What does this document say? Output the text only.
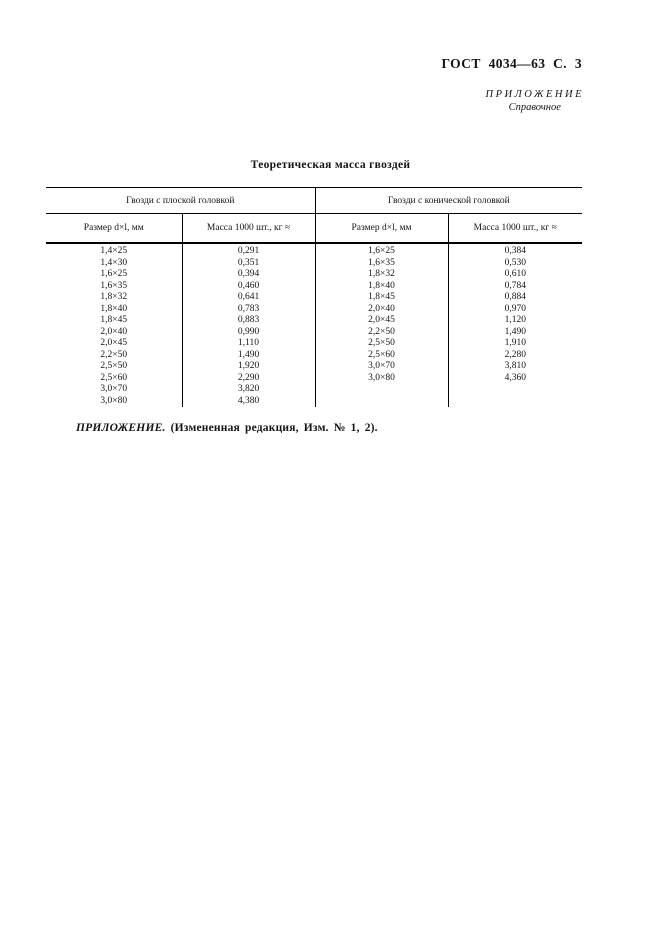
ГОСТ 4034—63 С. 3
ПРИЛОЖЕНИЕ
Справочное
Теоретическая масса гвоздей
Гвозди с плоской головкой		Гвозди с конической головкой	
Размер d×l, мм	Масса 1000 шт., кг ≈	Размер d×l, мм	Масса 1000 шт., кг ≈
1,4×25	0,291	1,6×25	0,384
1,4×30	0,351	1,6×35	0,530
1,6×25	0,394	1,8×32	0,610
1,6×35	0,460	1,8×40	0,784
1,8×32	0,641	1,8×45	0,884
1,8×40	0,783	2,0×40	0,970
1,8×45	0,883	2,0×45	1,120
2,0×40	0,990	2,2×50	1,490
2,0×45	1,110	2,5×50	1,910
2,2×50	1,490	2,5×60	2,280
2,5×50	1,920	3,0×70	3,810
2,5×60	2,290	3,0×80	4,360
3,0×70	3,820		
3,0×80	4,380		
ПРИЛОЖЕНИЕ. (Измененная редакция, Изм. № 1, 2).
